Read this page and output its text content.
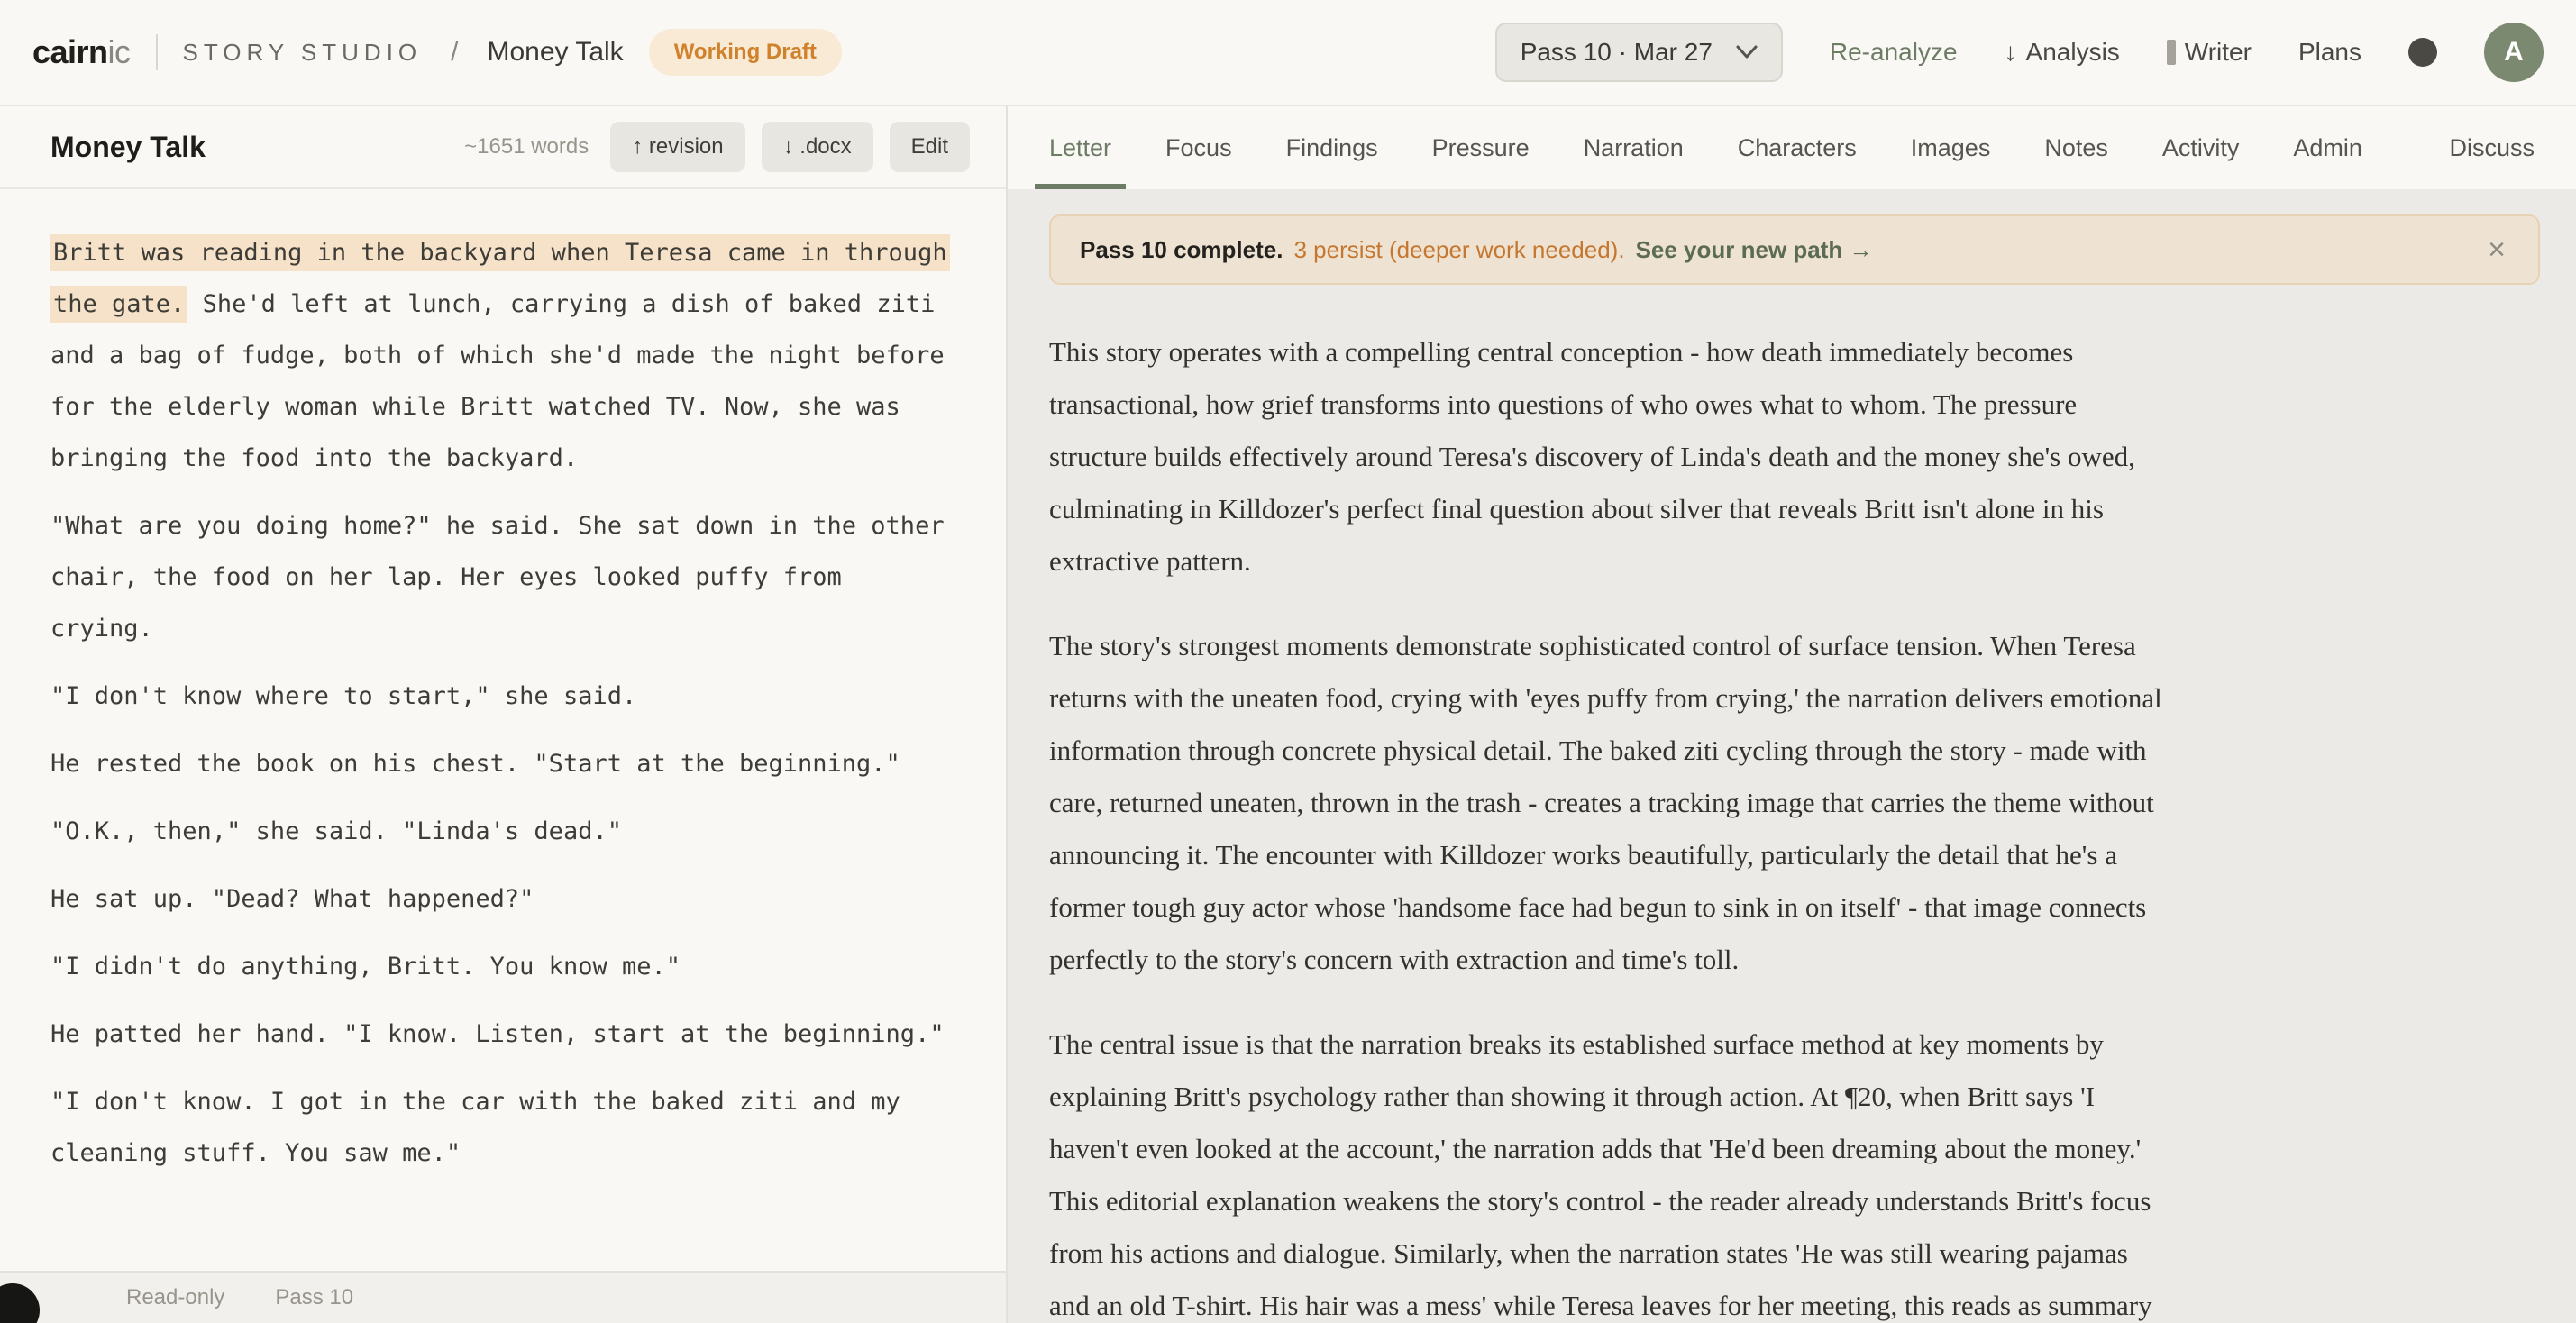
cairnic STORY STUDIO / Money Talk	Working Draft	Pass 10 · Mar 27	Re-analyze ↓ Analysis	Writer Plans	A
Money Talk	~1651 words	↑ revision	↓ .docx	Edit

Britt was reading in the backyard when Teresa came in through the gate. She'd left at lunch, carrying a dish of baked ziti and a bag of fudge, both of which she'd made the night before for the elderly woman while Britt watched TV. Now, she was bringing the food into the backyard.

"What are you doing home?" he said. She sat down in the other chair, the food on her lap. Her eyes looked puffy from crying.

"I don't know where to start," she said.

He rested the book on his chest. "Start at the beginning."

"O.K., then," she said. "Linda's dead."

He sat up. "Dead? What happened?"

"I didn't do anything, Britt. You know me."

He patted her hand. "I know. Listen, start at the beginning."

"I don't know. I got in the car with the baked ziti and my cleaning stuff. You saw me."

Read-only Pass 10
Letter Focus Findings Pressure Narration Characters Images Notes Activity Admin	Discuss
Pass 10 complete. 3 persist (deeper work needed). See your new path →	×

This story operates with a compelling central conception - how death immediately becomes transactional, how grief transforms into questions of who owes what to whom. The pressure structure builds effectively around Teresa's discovery of Linda's death and the money she's owed, culminating in Killdozer's perfect final question about silver that reveals Britt isn't alone in his extractive pattern.

The story's strongest moments demonstrate sophisticated control of surface tension. When Teresa returns with the uneaten food, crying with 'eyes puffy from crying,' the narration delivers emotional information through concrete physical detail. The baked ziti cycling through the story - made with care, returned uneaten, thrown in the trash - creates a tracking image that carries the theme without announcing it. The encounter with Killdozer works beautifully, particularly the detail that he's a former tough guy actor whose 'handsome face had begun to sink in on itself' - that image connects perfectly to the story's concern with extraction and time's toll.

The central issue is that the narration breaks its established surface method at key moments by explaining Britt's psychology rather than showing it through action. At ¶20, when Britt says 'I haven't even looked at the account,' the narration adds that 'He'd been dreaming about the money.' This editorial explanation weakens the story's control - the reader already understands Britt's focus from his actions and dialogue. Similarly, when the narration states 'He was still wearing pajamas and an old T-shirt. His hair was a mess' while Teresa leaves for her meeting, this reads as summary
